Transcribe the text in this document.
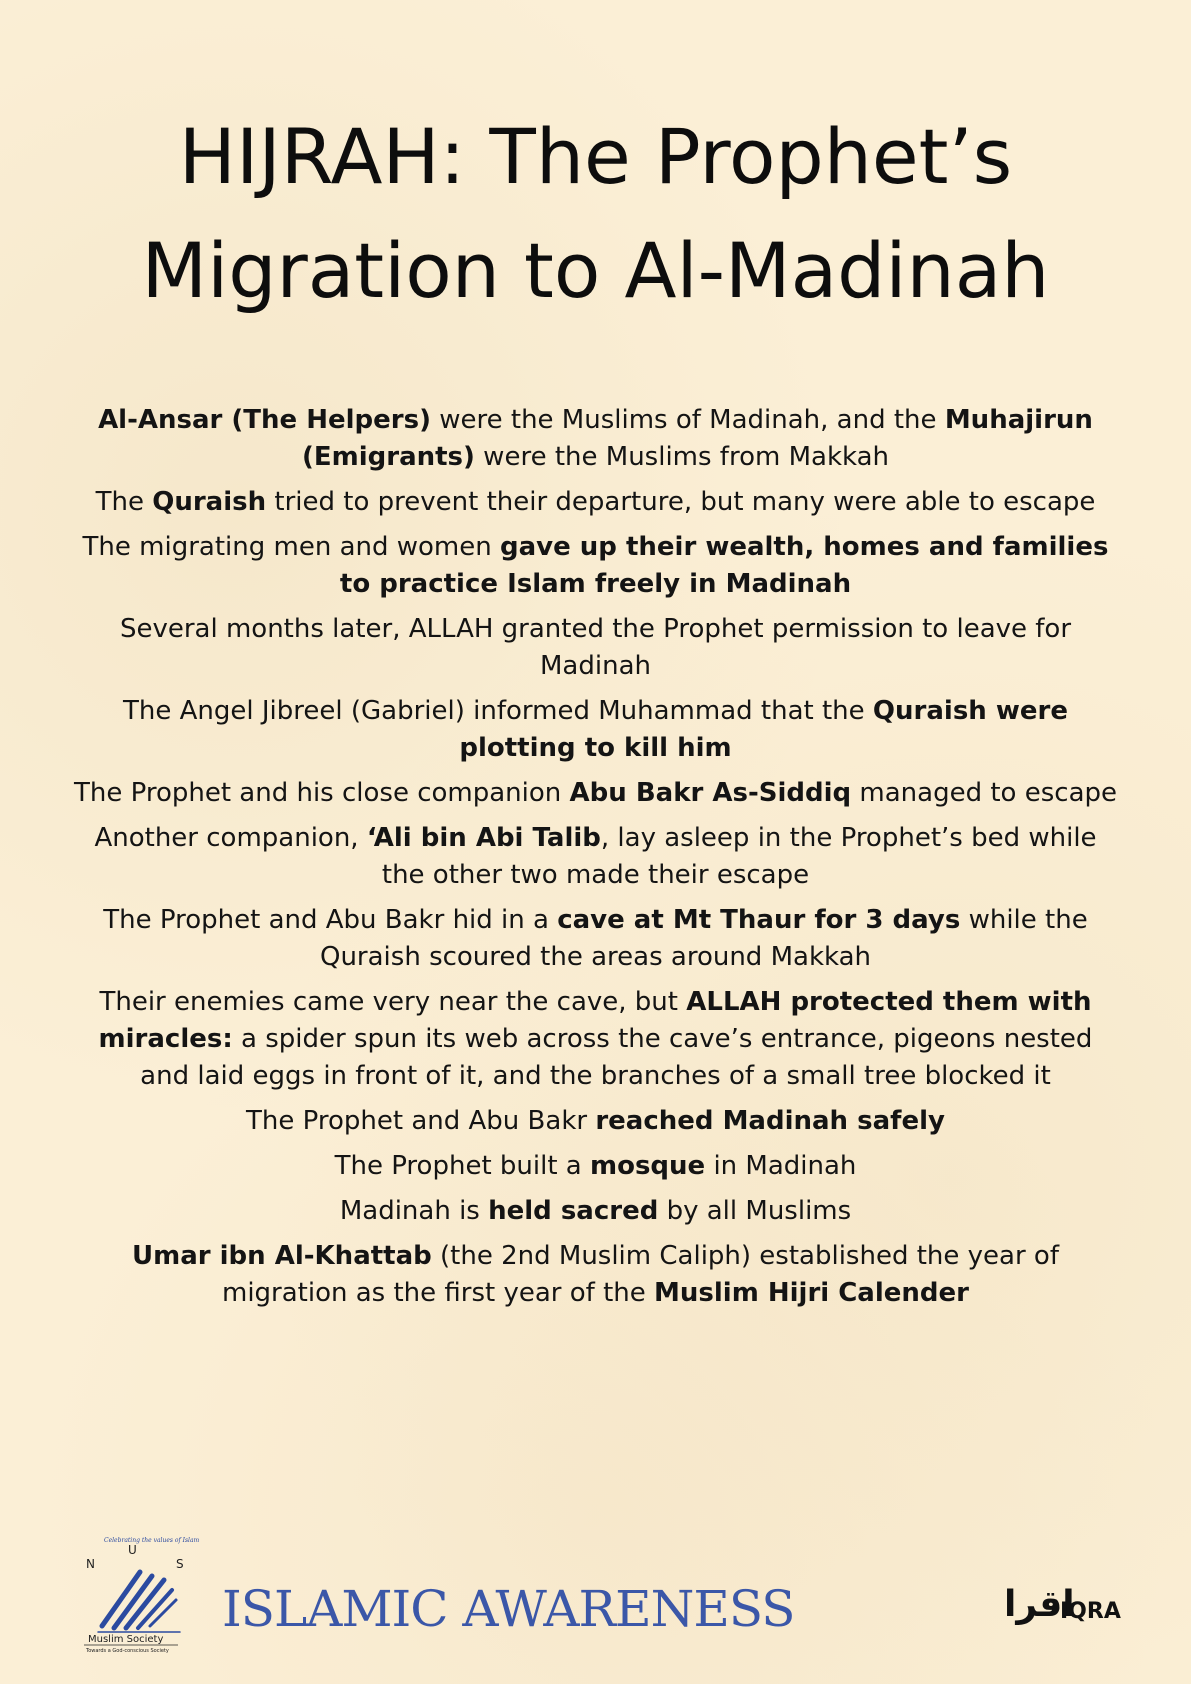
HIJRAH: The Prophet’s
Migration to Al-Madinah

Al-Ansar (The Helpers) were the Muslims of Madinah, and the Muhajirun (Emigrants) were the Muslims from Makkah

The Quraish tried to prevent their departure, but many were able to escape

The migrating men and women gave up their wealth, homes and families to practice Islam freely in Madinah

Several months later, ALLAH granted the Prophet permission to leave for Madinah

The Angel Jibreel (Gabriel) informed Muhammad that the Quraish were plotting to kill him

The Prophet and his close companion Abu Bakr As-Siddiq managed to escape

Another companion, ‘Ali bin Abi Talib, lay asleep in the Prophet’s bed while the other two made their escape

The Prophet and Abu Bakr hid in a cave at Mt Thaur for 3 days while the Quraish scoured the areas around Makkah

Their enemies came very near the cave, but ALLAH protected them with miracles: a spider spun its web across the cave’s entrance, pigeons nested and laid eggs in front of it, and the branches of a small tree blocked it

The Prophet and Abu Bakr reached Madinah safely

The Prophet built a mosque in Madinah

Madinah is held sacred by all Muslims

Umar ibn Al-Khattab (the 2nd Muslim Caliph) established the year of migration as the first year of the Muslim Hijri Calender

Celebrating the values of Islam
N
U
S
Muslim Society
Towards a God-conscious Society
ISLAMIC AWARENESS	اقرا
IQRA
